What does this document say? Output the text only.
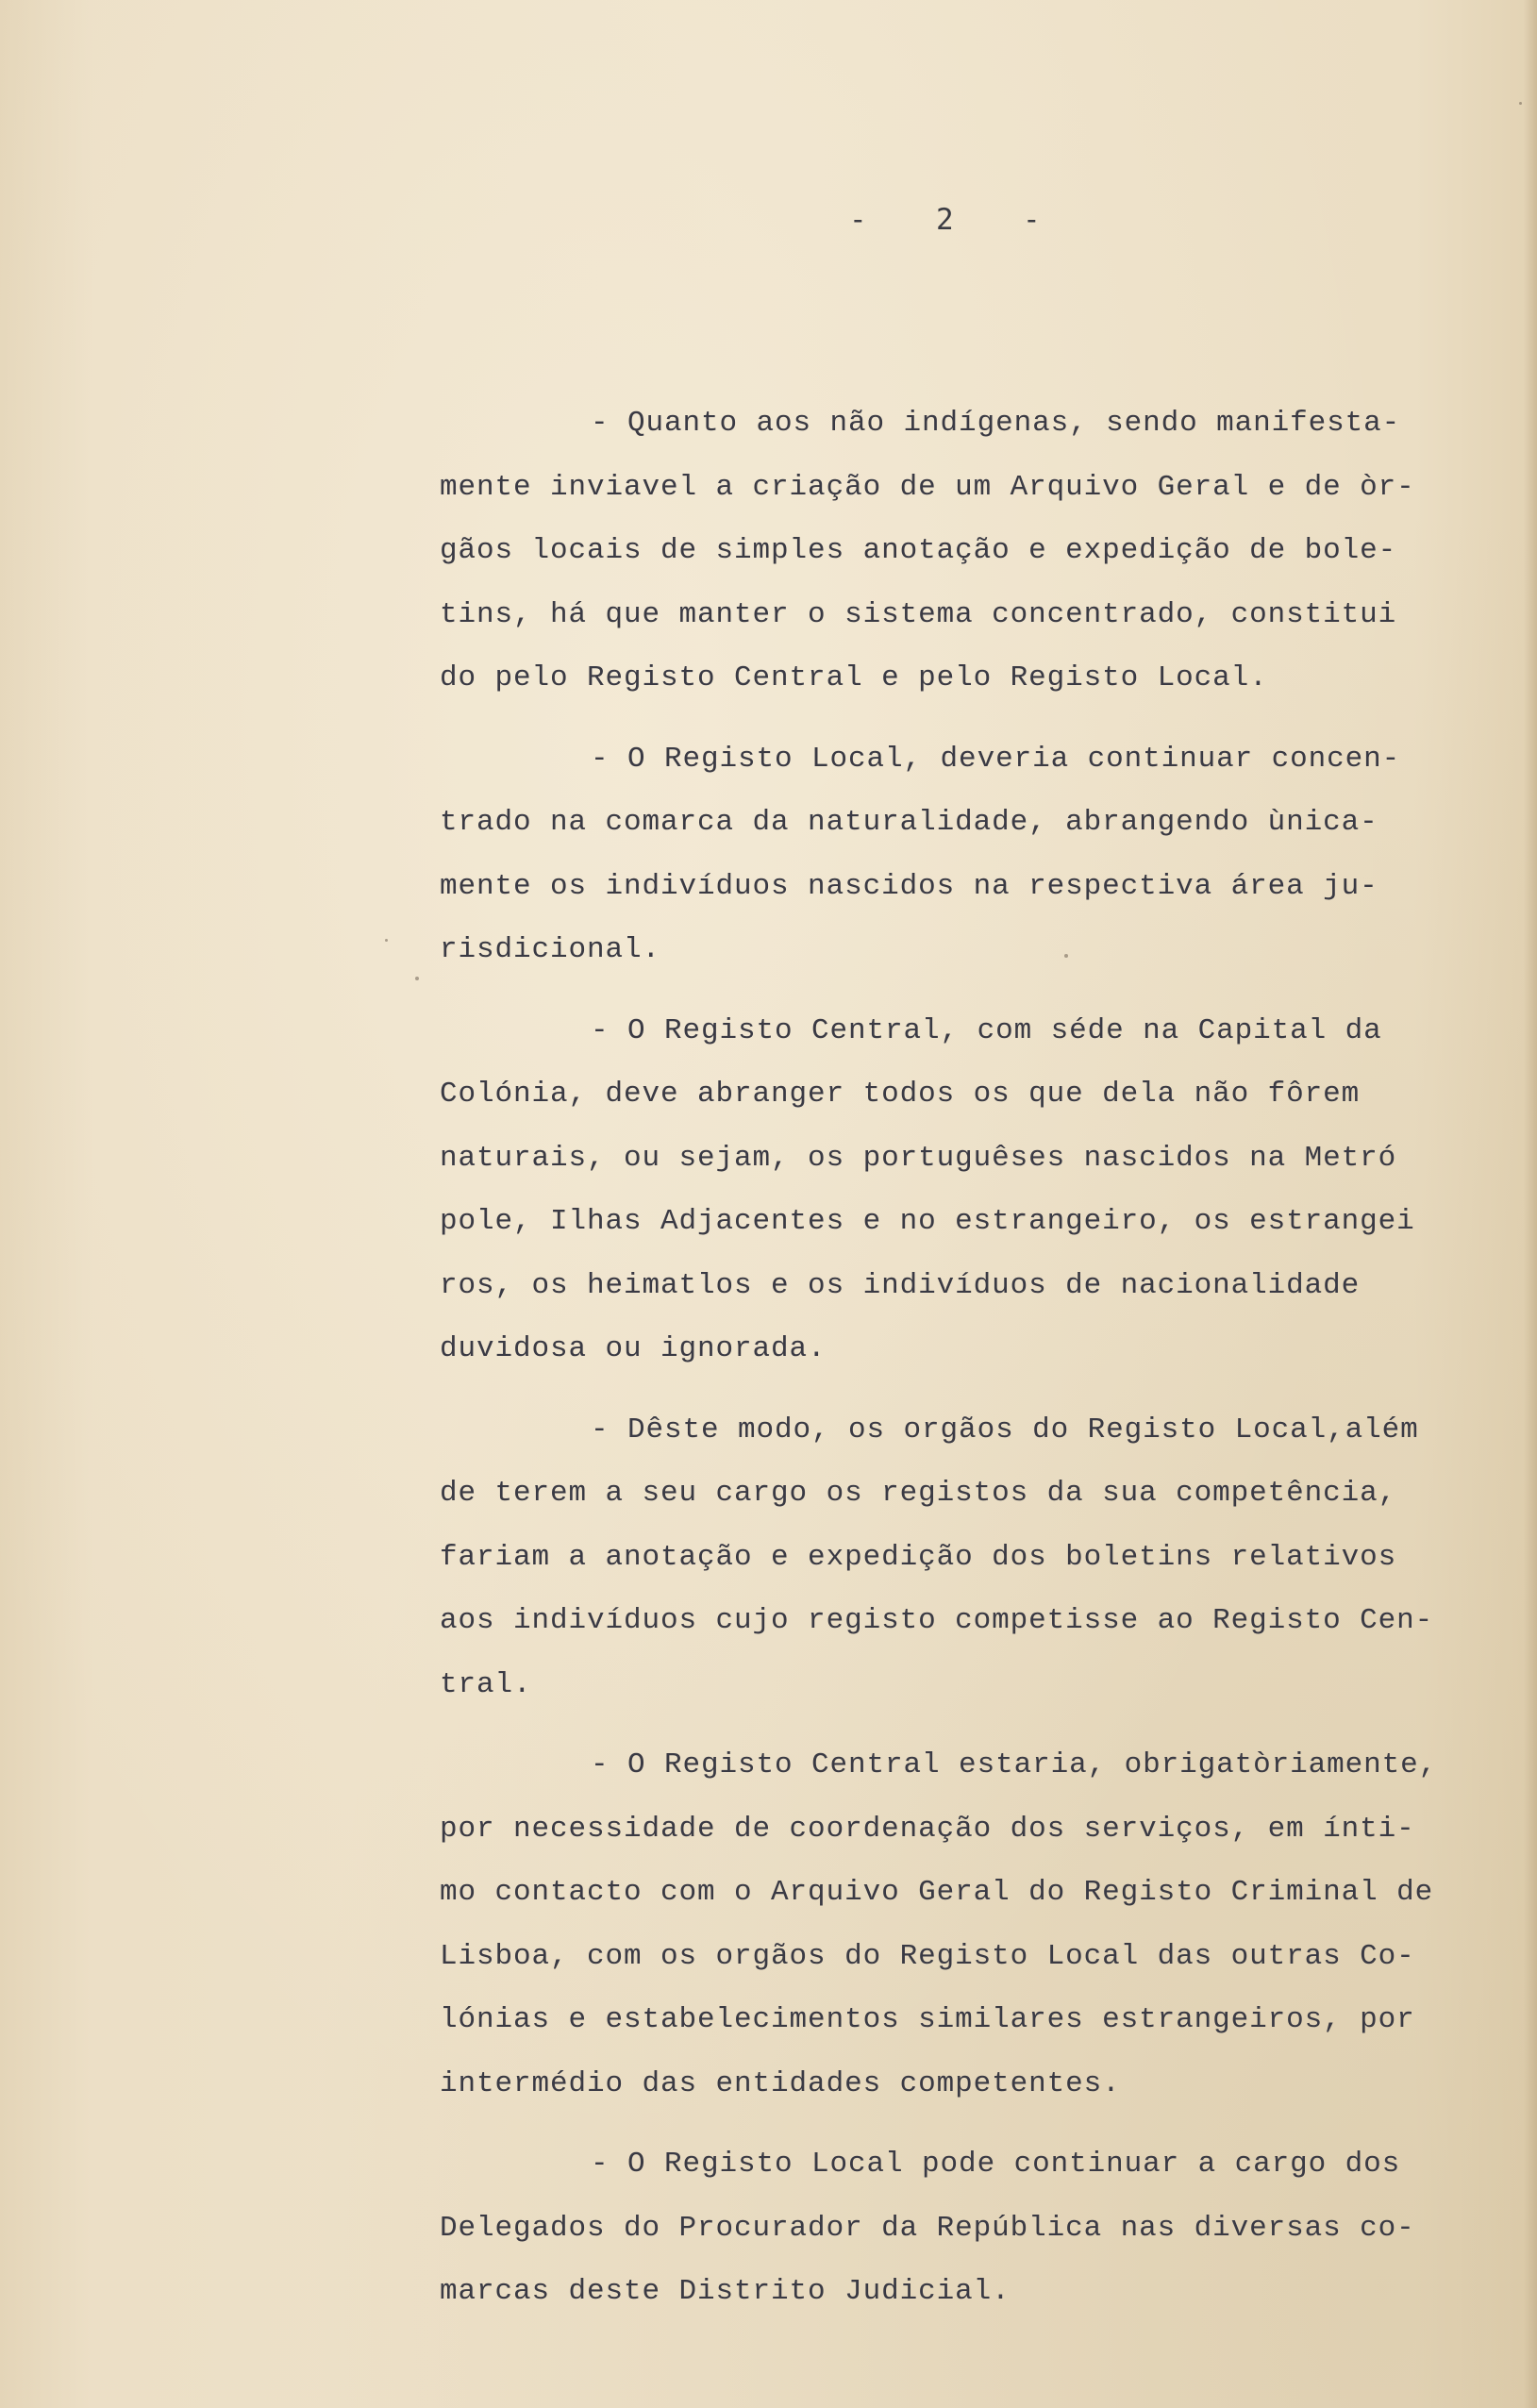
-  2  -
- Quanto aos não indígenas, sendo manifesta-
mente inviavel a criação de um Arquivo Geral e de òr-
gãos locais de simples anotação e expedição de bole-
tins, há que manter o sistema concentrado, constitui
do pelo Registo Central e pelo Registo Local.
- O Registo Local, deveria continuar concen-
trado na comarca da naturalidade, abrangendo ùnica-
mente os indivíduos nascidos na respectiva área ju-
risdicional.
- O Registo Central, com séde na Capital da
Colónia, deve abranger todos os que dela não fôrem
naturais, ou sejam, os portuguêses nascidos na Metró
pole, Ilhas Adjacentes e no estrangeiro, os estrangei
ros, os heimatlos e os indivíduos de nacionalidade
duvidosa ou ignorada.
- Dêste modo, os orgãos do Registo Local,além
de terem a seu cargo os registos da sua competência,
fariam a anotação e expedição dos boletins relativos
aos indivíduos cujo registo competisse ao Registo Cen-
tral.
- O Registo Central estaria, obrigatòriamente,
por necessidade de coordenação dos serviços, em ínti-
mo contacto com o Arquivo Geral do Registo Criminal de
Lisboa, com os orgãos do Registo Local das outras Co-
lónias e estabelecimentos similares estrangeiros, por
intermédio das entidades competentes.
- O Registo Local pode continuar a cargo dos
Delegados do Procurador da República nas diversas co-
marcas deste Distrito Judicial.
